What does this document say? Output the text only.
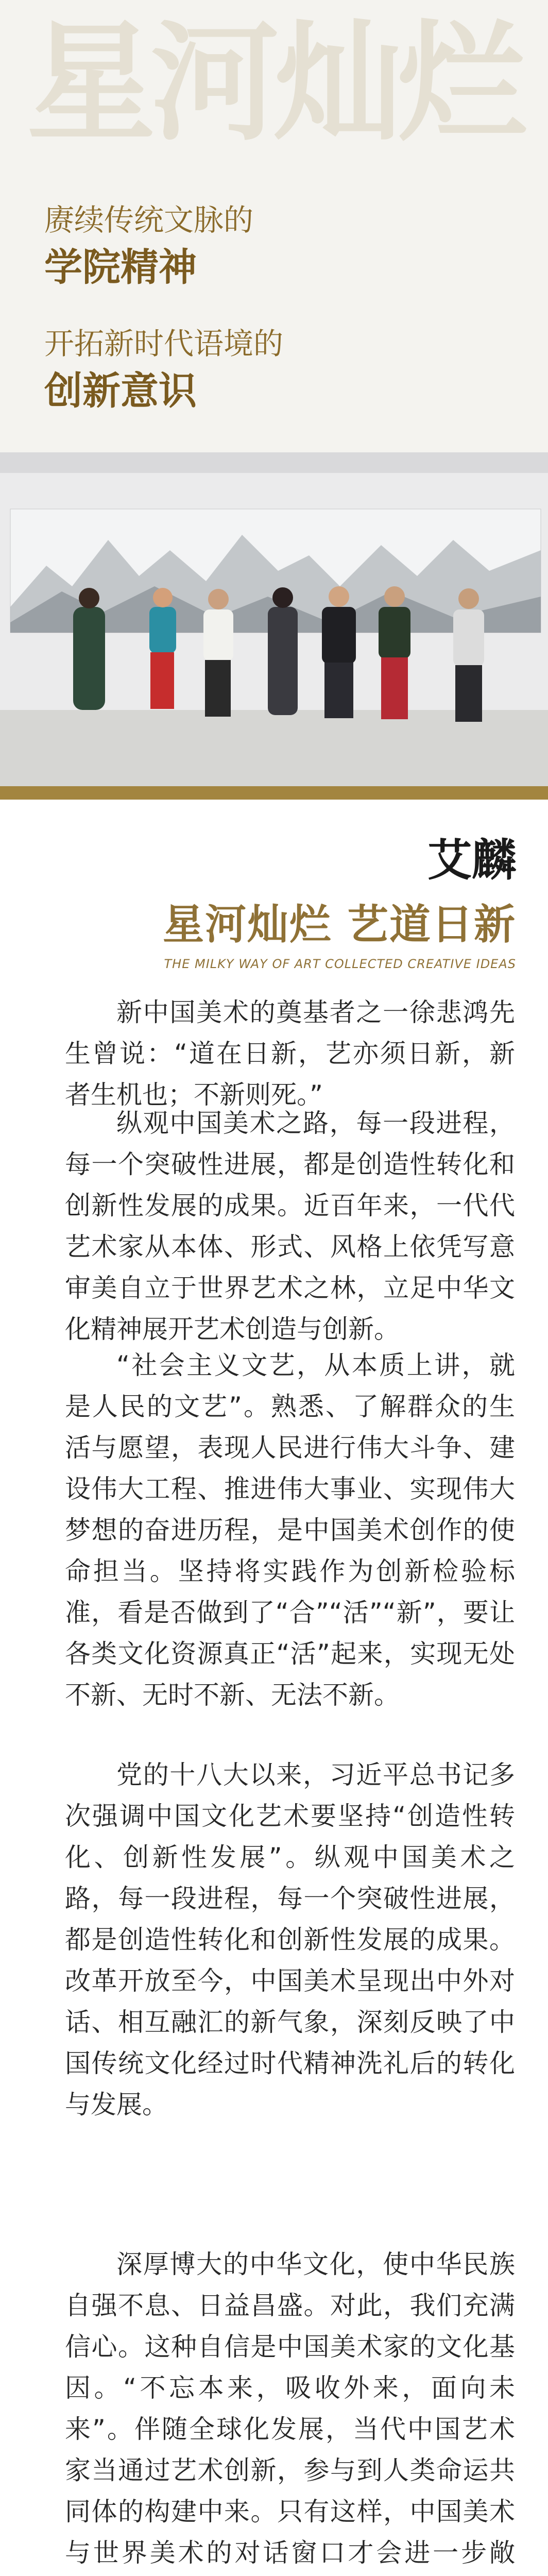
星河灿烂
赓续传统文脉的
学院精神
开拓新时代语境的
创新意识
艾麟
星河灿烂 艺道日新
THE MILKY WAY OF ART COLLECTED CREATIVE IDEAS

新中国美术的奠基者之一徐悲鸿先生曾说：“道在日新，艺亦须日新，新者生机也；不新则死。”

纵观中国美术之路，每一段进程，每一个突破性进展，都是创造性转化和创新性发展的成果。近百年来，一代代艺术家从本体、形式、风格上依凭写意审美自立于世界艺术之林，立足中华文化精神展开艺术创造与创新。

“社会主义文艺，从本质上讲，就是人民的文艺”。熟悉、了解群众的生活与愿望，表现人民进行伟大斗争、建设伟大工程、推进伟大事业、实现伟大梦想的奋进历程，是中国美术创作的使命担当。坚持将实践作为创新检验标准，看是否做到了“合”“活”“新”，要让各类文化资源真正“活”起来，实现无处不新、无时不新、无法不新。

党的十八大以来，习近平总书记多次强调中国文化艺术要坚持“创造性转化、创新性发展”。纵观中国美术之路，每一段进程，每一个突破性进展，都是创造性转化和创新性发展的成果。改革开放至今，中国美术呈现出中外对话、相互融汇的新气象，深刻反映了中国传统文化经过时代精神洗礼后的转化与发展。

深厚博大的中华文化，使中华民族自强不息、日益昌盛。对此，我们充满信心。这种自信是中国美术家的文化基因。“不忘本来，吸收外来，面向未来”。伴随全球化发展，当代中国艺术家当通过艺术创新，参与到人类命运共同体的构建中来。只有这样，中国美术与世界美术的对话窗口才会进一步敞
